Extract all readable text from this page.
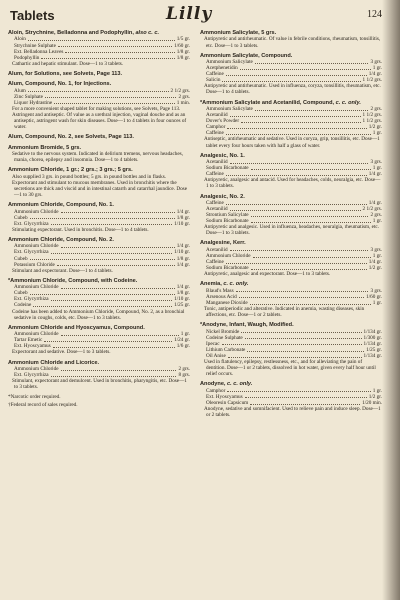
Tablets	Lilly	124
Aloin, Strychnine, Belladonna and Podophyllin, also c. c.
Aloin	1/5 gr.
Strychnine Sulphate	1/60 gr.
Ext. Belladonna Leaves	1/8 gr.
Podophyllin	1/8 gr.
Cathartic and hepatic stimulant. Dose—1 to 3 tablets.
Alum, for Solutions, see Solvets, Page 113.
Alum, Compound, No. 1, for Injections.
Alum	2 1/2 grs.
Zinc Sulphate	2 grs.
Liquor Hydrastine	1 min.
For a more convenient shaped tablet for making solutions, see Solvets, Page 113.
Astringent and antiseptic. Of value as a urethral injection, vaginal douche and as an antiseptic, astringent wash for skin diseases. Dose—1 to 4 tablets in four ounces of water.
Alum, Compound, No. 2, see Solvets, Page 113.
Ammonium Bromide, 5 grs.
Sedative to the nervous system. Indicated in delirium tremens, nervous headaches, mania, chorea, epilepsy and insomnia. Dose—1 to 4 tablets.
Ammonium Chloride, 1 gr.; 2 grs.; 3 grs.; 5 grs.
Also supplied 3 grs. in pound bottles; 5 grs. in pound bottles and in flasks.
Expectorant and stimulant to mucous membranes. Used in bronchitis where the secretions are thick and viscid and in intestinal catarrh and catarrhal jaundice. Dose—1 to 30 grs.
Ammonium Chloride, Compound, No. 1.
Ammonium Chloride	1/4 gr.
Cubeb	1/8 gr.
Ext. Glycyrrhiza	1/10 gr.
Stimulating expectorant. Used in bronchitis. Dose—1 to 4 tablets.
Ammonium Chloride, Compound, No. 2.
Ammonium Chloride	1/4 gr.
Ext. Glycyrrhiza	1/10 gr.
Cubeb	1/8 gr.
Potassium Chloride	1/4 gr.
Stimulant and expectorant. Dose—1 to 4 tablets.
*Ammonium Chloride, Compound, with Codeine.
Ammonium Chloride	1/4 gr.
Cubeb	1/8 gr.
Ext. Glycyrrhiza	1/10 gr.
Codeine	1/25 gr.
Codeine has been added to Ammonium Chloride, Compound, No. 2, as a bronchial sedative in coughs, colds, etc. Dose—1 to 3 tablets.
Ammonium Chloride and Hyoscyamus, Compound.
Ammonium Chloride	1 gr.
Tartar Emetic	1/24 gr.
Ext. Hyoscyamus	1/6 gr.
Expectorant and sedative. Dose—1 to 3 tablets.
Ammonium Chloride and Licorice.
Ammonium Chloride	2 grs.
Ext. Glycyrrhiza	8 grs.
Stimulant, expectorant and demulcent. Used in bronchitis, pharyngitis, etc. Dose—1 to 3 tablets.
*Narcotic order required.
†Federal record of sales required.
Ammonium Salicylate, 5 grs.
Antipyretic and antirheumatic. Of value in febrile conditions, rheumatism, tonsillitis, etc. Dose—1 to 3 tablets.
Ammonium Salicylate, Compound.
Ammonium Salicylate	3 grs.
Acetphenetidin	1 gr.
Caffeine	1/4 gr.
Salicin	1 1/2 grs.
Antipyretic and antirheumatic. Used in influenza, coryza, tonsillitis, rheumatism, etc. Dose—1 to 4 tablets.
*Ammonium Salicylate and Acetanilid, Compound, c. c. only.
Ammonium Salicylate	2 grs.
Acetanilid	1 1/2 grs.
Dover's Powder	1 1/2 grs.
Camphor	1/2 gr.
Caffeine	1 gr.
Antiseptic, antirheumatic and sedative. Used in coryza, grip, tonsillitis, etc. Dose—1 tablet every four hours taken with half a glass of water.
Analgesic, No. 1.
Acetanilid	3 grs.
Sodium Bicarbonate	1 gr.
Caffeine	1/4 gr.
Antipyretic, analgesic and antacid. Used for headaches, colds, neuralgia, etc. Dose—1 to 3 tablets.
Analgesic, No. 2.
Caffeine	1/4 gr.
Acetanilid	2 1/2 grs.
Strontium Salicylate	2 grs.
Sodium Bicarbonate	1 gr.
Antipyretic and analgesic. Used in influenza, headaches, neuralgia, rheumatism, etc. Dose—1 to 3 tablets.
Analgesine, Kerr.
Acetanilid	3 grs.
Ammonium Chloride	1 gr.
Caffeine	1/4 gr.
Sodium Bicarbonate	1/2 gr.
Antipyretic, analgesic and expectorant. Dose—1 to 3 tablets.
Anemia, c. c. only.
Blaud's Mass	3 grs.
Arsenous Acid	1/60 gr.
Manganese Dioxide	1 gr.
Tonic, antiperiodic and alterative. Indicated in anemia, wasting diseases, skin affections, etc. Dose—1 or 2 tablets.
*Anodyne, Infant, Waugh, Modified.
Nickel Bromide	1/134 gr.
Codeine Sulphate	1/300 gr.
Ipecac	1/134 gr.
Lithium Carbonate	1/25 gr.
Oil Anise	1/134 gr.
Used in flatulency, epilepsy, restlessness, etc., and for alleviating the pain of dentition. Dose—1 or 2 tablets, dissolved in hot water, given every half hour until relief occurs.
Anodyne, c. c. only.
Camphor	1 gr.
Ext. Hyoscyamus	1/2 gr.
Oleoresin Capsicum	1/20 min.
Anodyne, sedative and somnifacient. Used to relieve pain and induce sleep. Dose—1 or 2 tablets.
